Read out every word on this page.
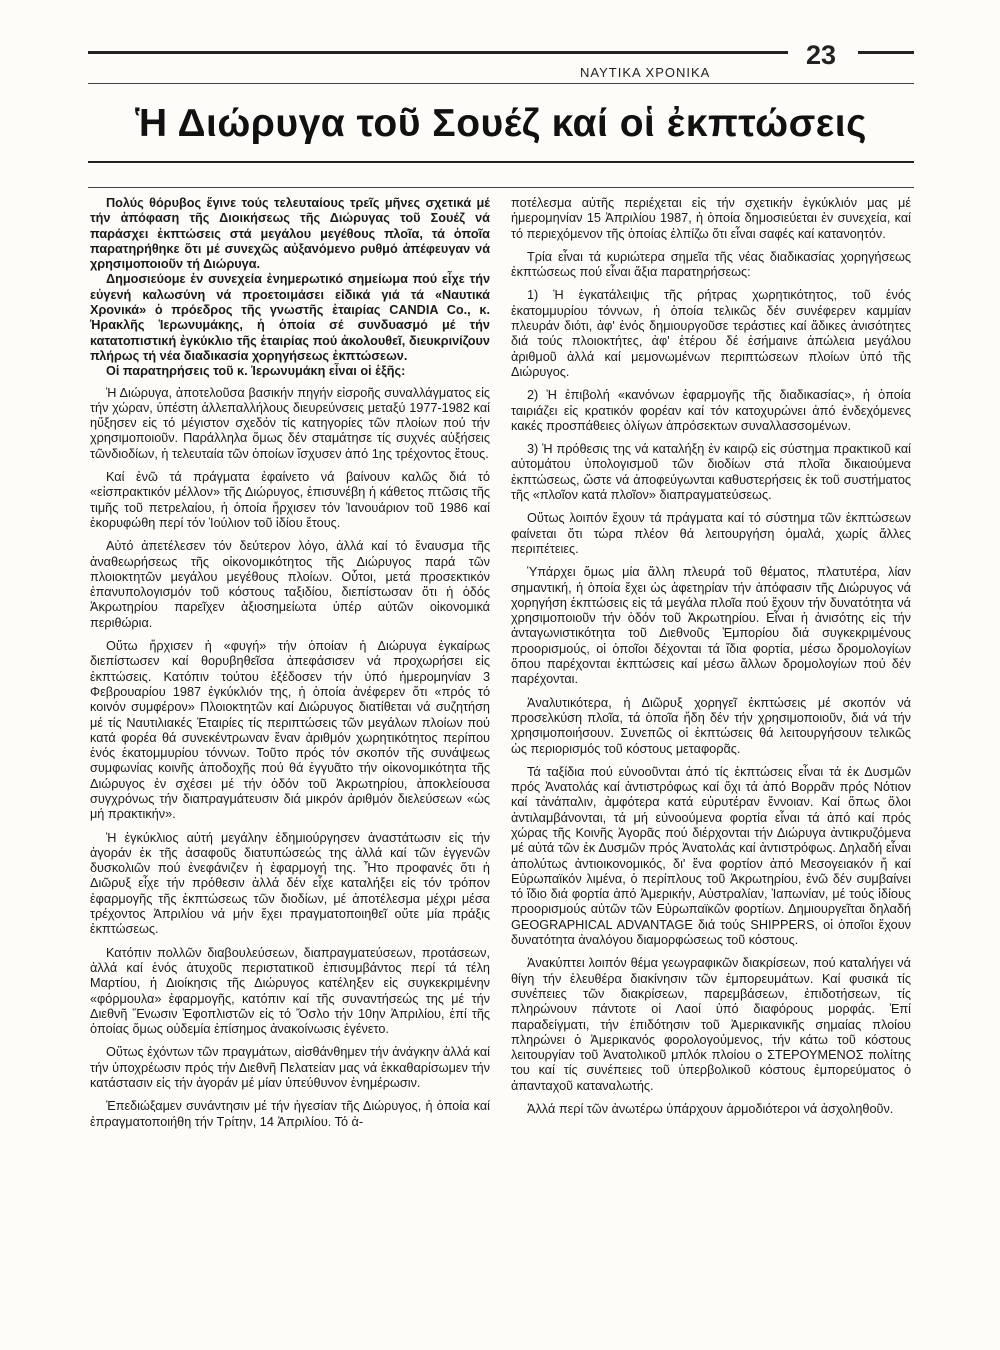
ΝΑΥΤΙΚΑ ΧΡΟΝΙΚΑ
23
Ἡ Διώρυγα τοῦ Σουέζ καί οἱ ἐκπτώσεις

Πολύς θόρυβος ἔγινε τούς τελευταίους τρεῖς μῆνες σχετικά μέ τήν ἀπόφαση τῆς Διοικήσεως τῆς Διώρυγας τοῦ Σουέζ νά παράσχει ἐκπτώσεις στά μεγάλου μεγέθους πλοῖα, τά ὁποῖα παρατηρήθηκε ὅτι μέ συνεχῶς αὐξανόμενο ρυθμό ἀπέφευγαν νά χρησιμοποιοῦν τή Διώρυγα.

Δημοσιεύομε ἐν συνεχεία ἐνημερωτικό σημείωμα πού εἶχε τήν εὐγενή καλωσύνη νά προετοιμάσει εἰδικά γιά τά «Ναυτικά Χρονικά» ὁ πρόεδρος τῆς γνωστῆς ἑταιρίας CANDIA Co., κ. Ἡρακλῆς Ἱερωνυμάκης, ἡ ὁποία σέ συνδυασμό μέ τήν κατατοπιστική ἐγκύκλιο τῆς ἑταιρίας πού ἀκολουθεῖ, διευκρινίζουν πλήρως τή νέα διαδικασία χορηγήσεως ἐκπτώσεων.

Οἱ παρατηρήσεις τοῦ κ. Ἱερωνυμάκη εἶναι οἱ ἑξῆς:

Ἡ Διώρυγα, ἀποτελοῦσα βασικήν πηγήν εἰσροῆς συναλλάγματος εἰς τήν χώραν, ὑπέστη ἀλλεπαλλήλους διευρεύνσεις μεταξύ 1977-1982 καί ηὔξησεν εἰς τό μέγιστον σχεδόν τίς κατηγορίες τῶν πλοίων πού τήν χρησιμοποιοῦν. Παράλληλα ὅμως δέν σταμάτησε τίς συχνές αὐξήσεις τῶνδιοδίων, ἡ τελευταία τῶν ὁποίων ἴσχυσεν ἀπό 1ης τρέχοντος ἔτους.

Καί ἐνῶ τά πράγματα ἐφαίνετο νά βαίνουν καλῶς διά τό «εἰσπρακτικόν μέλλον» τῆς Διώρυγος, ἐπισυνέβη ἡ κάθετος πτῶσις τῆς τιμῆς τοῦ πετρελαίου, ἡ ὁποία ἤρχισεν τόν Ἰανουάριον τοῦ 1986 καί ἐκορυφώθη περί τόν Ἰούλιον τοῦ ἰδίου ἔτους.

Αὐτό ἀπετέλεσεν τόν δεύτερον λόγο, ἀλλά καί τό ἔναυσμα τῆς ἀναθεωρήσεως τῆς οἰκονομικότητος τῆς Διώρυγος παρά τῶν πλοιοκτητῶν μεγάλου μεγέθους πλοίων. Οὗτοι, μετά προσεκτικόν ἐπανυπολογισμόν τοῦ κόστους ταξιδίου, διεπίστωσαν ὅτι ἡ ὁδός Ἀκρωτηρίου παρεῖχεν ἀξιοσημείωτα ὑπέρ αὐτῶν οἰκονομικά περιθώρια.

Οὕτω ἤρχισεν ἡ «φυγή» τήν ὁποίαν ἡ Διώρυγα ἐγκαίρως διεπίστωσεν καί θορυβηθεῖσα ἀπεφάσισεν νά προχωρήσει εἰς ἐκπτώσεις. Κατόπιν τούτου ἐξέδοσεν τήν ὑπό ἡμερομηνίαν 3 Φεβρουαρίου 1987 ἐγκύκλιόν της, ἡ ὁποία ἀνέφερεν ὅτι «πρός τό κοινόν συμφέρον» Πλοιοκτητῶν καί Διώρυγος διατίθεται νά συζητήση μέ τίς Ναυτιλιακές Ἑταιρίες τίς περιπτώσεις τῶν μεγάλων πλοίων πού κατά φορέα θά συνεκέντρωναν ἕναν ἀριθμόν χωρητικότητος περίπου ἑνός ἑκατομμυρίου τόννων. Τοῦτο πρός τόν σκοπόν τῆς συνάψεως συμφωνίας κοινῆς ἀποδοχῆς πού θά ἐγγυᾶτο τήν οἰκονομικότητα τῆς Διώρυγος ἐν σχέσει μέ τήν ὁδόν τοῦ Ἀκρωτηρίου, ἀποκλείουσα συγχρόνως τήν διαπραγμάτευσιν διά μικρόν ἀριθμόν διελεύσεων «ὡς μή πρακτικήν».

Ἡ ἐγκύκλιος αὐτή μεγάλην ἐδημιούργησεν ἀναστάτωσιν εἰς τήν ἀγοράν ἐκ τῆς ἀσαφοῦς διατυπώσεώς της ἀλλά καί τῶν ἐγγενῶν δυσκολιῶν πού ἐνεφάνιζεν ἡ ἐφαρμογή της. Ἦτο προφανές ὅτι ἡ Διῶρυξ εἶχε τήν πρόθεσιν ἀλλά δέν εἶχε καταλήξει εἰς τόν τρόπον ἐφαρμογῆς τῆς ἐκπτώσεως τῶν διοδίων, μέ ἀποτέλεσμα μέχρι μέσα τρέχοντος Ἀπριλίου νά μήν ἔχει πραγματοποιηθεῖ οὔτε μία πράξις ἐκπτώσεως.

Κατόπιν πολλῶν διαβουλεύσεων, διαπραγματεύσεων, προτάσεων, ἀλλά καί ἑνός ἀτυχοῦς περιστατικοῦ ἐπισυμβάντος περί τά τέλη Μαρτίου, ἡ Διοίκησις τῆς Διώρυγος κατέληξεν εἰς συγκεκριμένην «φόρμουλα» ἐφαρμογῆς, κατόπιν καί τῆς συναντήσεώς της μέ τήν Διεθνῆ Ἕνωσιν Ἐφοπλιστῶν εἰς τό Ὄσλο τήν 10ην Ἀπριλίου, ἐπί τῆς ὁποίας ὅμως οὐδεμία ἐπίσημος ἀνακοίνωσις ἐγένετο.

Οὕτως ἐχόντων τῶν πραγμάτων, αἰσθάνθημεν τήν ἀνάγκην ἀλλά καί τήν ὑποχρέωσιν πρός τήν Διεθνῆ Πελατείαν μας νά ἐκκαθαρίσωμεν τήν κατάστασιν εἰς τήν ἀγοράν μέ μίαν ὑπεύθυνον ἐνημέρωσιν.

Ἐπεδιώξαμεν συνάντησιν μέ τήν ἡγεσίαν τῆς Διώρυγος, ἡ ὁποία καί ἐπραγματοποιήθη τήν Τρίτην, 14 Ἀπριλίου. Τό ἀ-

ποτέλεσμα αὐτῆς περιέχεται εἰς τήν σχετικήν ἐγκύκλιόν μας μέ ἡμερομηνίαν 15 Ἀπριλίου 1987, ἡ ὁποία δημοσιεύεται ἐν συνεχεία, καί τό περιεχόμενον τῆς ὁποίας ἐλπίζω ὅτι εἶναι σαφές καί κατανοητόν.

Τρία εἶναι τά κυριώτερα σημεῖα τῆς νέας διαδικασίας χορηγήσεως ἐκπτώσεως πού εἶναι ἄξια παρατηρήσεως:

1) Ἡ ἐγκατάλειψις τῆς ρήτρας χωρητικότητος, τοῦ ἑνός ἑκατομμυρίου τόννων, ἡ ὁποία τελικῶς δέν συνέφερεν καμμίαν πλευράν διότι, ἀφ' ἑνός δημιουργοῦσε τεράστιες καί ἄδικες ἀνισότητες διά τούς πλοιοκτήτες, ἀφ' ἑτέρου δέ ἐσήμαινε ἀπώλεια μεγάλου ἀριθμοῦ ἀλλά καί μεμονωμένων περιπτώσεων πλοίων ὑπό τῆς Διώρυγος.

2) Ἡ ἐπιβολή «κανόνων ἐφαρμογῆς τῆς διαδικασίας», ἡ ὁποία ταιριάζει εἰς κρατικόν φορέαν καί τόν κατοχυρώνει ἀπό ἐνδεχόμενες κακές προσπάθειες ὀλίγων ἀπρόσεκτων συναλλασσομένων.

3) Ἡ πρόθεσις της νά καταλήξη ἐν καιρῷ εἰς σύστημα πρακτικοῦ καί αὐτομάτου ὑπολογισμοῦ τῶν διοδίων στά πλοῖα δικαιούμενα ἐκπτώσεως, ὥστε νά ἀποφεύγωνται καθυστερήσεις ἐκ τοῦ συστήματος τῆς «πλοῖον κατά πλοῖον» διαπραγματεύσεως.

Οὕτως λοιπόν ἔχουν τά πράγματα καί τό σύστημα τῶν ἐκπτώσεων φαίνεται ὅτι τώρα πλέον θά λειτουργήση ὁμαλά, χωρίς ἄλλες περιπέτειες.

Ὑπάρχει ὅμως μία ἄλλη πλευρά τοῦ θέματος, πλατυτέρα, λίαν σημαντική, ἡ ὁποία ἔχει ὡς ἀφετηρίαν τήν ἀπόφασιν τῆς Διώρυγος νά χορηγήση ἐκπτώσεις εἰς τά μεγάλα πλοῖα πού ἔχουν τήν δυνατότητα νά χρησιμοποιοῦν τήν ὁδόν τοῦ Ἀκρωτηρίου. Εἶναι ἡ ἀνισότης εἰς τήν ἀνταγωνιστικότητα τοῦ Διεθνοῦς Ἐμπορίου διά συγκεκριμένους προορισμούς, οἱ ὁποῖοι δέχονται τά ἴδια φορτία, μέσω δρομολογίων ὅπου παρέχονται ἐκπτώσεις καί μέσω ἄλλων δρομολογίων πού δέν παρέχονται.

Ἀναλυτικότερα, ἡ Διῶρυξ χορηγεῖ ἐκπτώσεις μέ σκοπόν νά προσελκύση πλοῖα, τά ὁποῖα ἤδη δέν τήν χρησιμοποιοῦν, διά νά τήν χρησιμοποιήσουν. Συνεπῶς οἱ ἐκπτώσεις θά λειτουργήσουν τελικῶς ὡς περιορισμός τοῦ κόστους μεταφορᾶς.

Τά ταξίδια πού εὐνοοῦνται ἀπό τίς ἐκπτώσεις εἶναι τά ἐκ Δυσμῶν πρός Ἀνατολάς καί ἀντιστρόφως καί ὄχι τά ἀπό Βορρᾶν πρός Νότιον καί τἀνάπαλιν, ἀμφότερα κατά εὐρυτέραν ἔννοιαν. Καί ὅπως ὅλοι ἀντιλαμβάνονται, τά μή εὐνοούμενα φορτία εἶναι τά ἀπό καί πρός χώρας τῆς Κοινῆς Ἀγορᾶς πού διέρχονται τήν Διώρυγα ἀντικρυζόμενα μέ αὐτά τῶν ἐκ Δυσμῶν πρός Ἀνατολάς καί ἀντιστρόφως. Δηλαδή εἶναι ἀπολύτως ἀντιοικονομικός, δι' ἕνα φορτίον ἀπό Μεσογειακόν ἤ καί Εὐρωπαϊκόν λιμένα, ὁ περίπλους τοῦ Ἀκρωτηρίου, ἐνῶ δέν συμβαίνει τό ἴδιο διά φορτία ἀπό Ἀμερικήν, Αὐστραλίαν, Ἰαπωνίαν, μέ τούς ἰδίους προορισμούς αὐτῶν τῶν Εὐρωπαϊκῶν φορτίων. Δημιουργεῖται δηλαδή GEOGRAPHICAL ADVANTAGE διά τούς SHIPPERS, οἱ ὁποῖοι ἔχουν δυνατότητα ἀναλόγου διαμορφώσεως τοῦ κόστους.

Ἀνακύπτει λοιπόν θέμα γεωγραφικῶν διακρίσεων, πού καταλήγει νά θίγη τήν ἐλευθέρα διακίνησιν τῶν ἐμπορευμάτων. Καί φυσικά τίς συνέπειες τῶν διακρίσεων, παρεμβάσεων, ἐπιδοτήσεων, τίς πληρώνουν πάντοτε οἱ Λαοί ὑπό διαφόρους μορφάς. Ἐπί παραδείγματι, τήν ἐπιδότησιν τοῦ Ἀμερικανικῆς σημαίας πλοίου πληρώνει ὁ Ἀμερικανός φορολογούμενος, τήν κάτω τοῦ κόστους λειτουργίαν τοῦ Ἀνατολικοῦ μπλόκ πλοίου ο ΣΤΕΡΟΥΜΕΝΟΣ πολίτης του καί τίς συνέπειες τοῦ ὑπερβολικοῦ κόστους ἐμπορεύματος ὁ ἀπανταχοῦ καταναλωτής.

Ἀλλά περί τῶν ἀνωτέρω ὑπάρχουν ἁρμοδιότεροι νά ἀσχοληθοῦν.
